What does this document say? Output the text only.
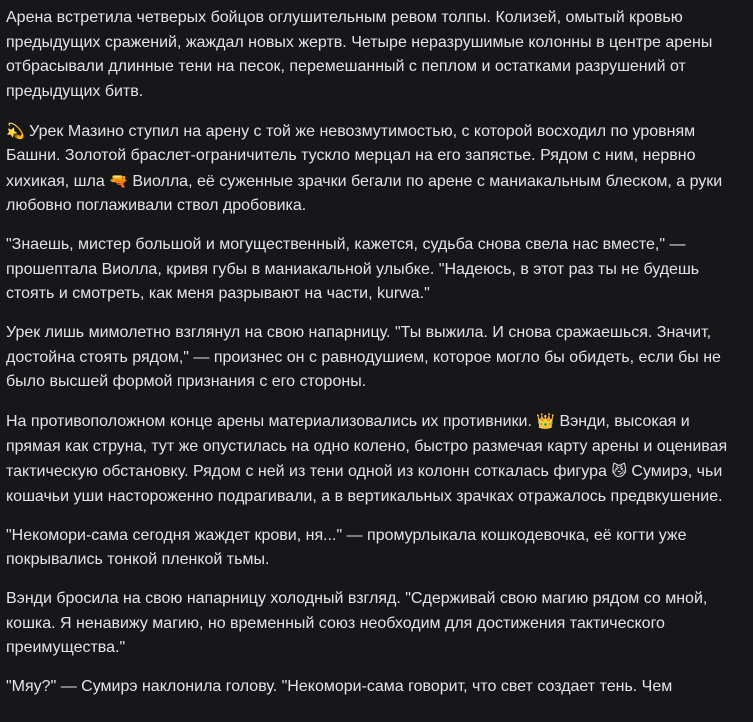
Арена встретила четверых бойцов оглушительным ревом толпы. Колизей, омытый кровью предыдущих сражений, жаждал новых жертв. Четыре неразрушимые колонны в центре арены отбрасывали длинные тени на песок, перемешанный с пеплом и остатками разрушений от предыдущих битв.

💫 Урек Мазино ступил на арену с той же невозмутимостью, с которой восходил по уровням Башни. Золотой браслет-ограничитель тускло мерцал на его запястье. Рядом с ним, нервно хихикая, шла 🔫 Виолла, её суженные зрачки бегали по арене с маниакальным блеском, а руки любовно поглаживали ствол дробовика.

"Знаешь, мистер большой и могущественный, кажется, судьба снова свела нас вместе," — прошептала Виолла, кривя губы в маниакальной улыбке. "Надеюсь, в этот раз ты не будешь стоять и смотреть, как меня разрывают на части, kurwa."

Урек лишь мимолетно взглянул на свою напарницу. "Ты выжила. И снова сражаешься. Значит, достойна стоять рядом," — произнес он с равнодушием, которое могло бы обидеть, если бы не было высшей формой признания с его стороны.

На противоположном конце арены материализовались их противники. 👑 Вэнди, высокая и прямая как струна, тут же опустилась на одно колено, быстро размечая карту арены и оценивая тактическую обстановку. Рядом с ней из тени одной из колонн соткалась фигура 😼 Сумирэ, чьи кошачьи уши настороженно подрагивали, а в вертикальных зрачках отражалось предвкушение.

"Некомори-сама сегодня жаждет крови, ня..." — промурлыкала кошкодевочка, её когти уже покрывались тонкой пленкой тьмы.

Вэнди бросила на свою напарницу холодный взгляд. "Сдерживай свою магию рядом со мной, кошка. Я ненавижу магию, но временный союз необходим для достижения тактического преимущества."

"Мяу?" — Сумирэ наклонила голову. "Некомори-сама говорит, что свет создает тень. Чем
